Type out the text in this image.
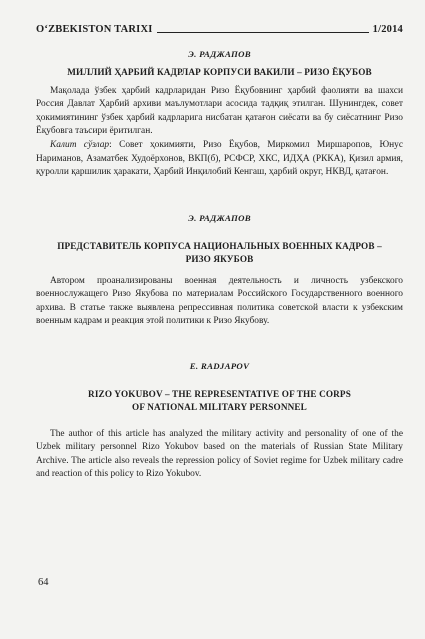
O‘ZBEKISTON TARIXI	1/2014
Э. РАДЖАПОВ
МИЛЛИЙ ҲАРБИЙ КАДРЛАР КОРПУСИ ВАКИЛИ – РИЗО ЁҚУБОВ
Мақолада ўзбек ҳарбий кадрларидан Ризо Ёқубовнинг ҳарбий фаолияти ва шахси Россия Давлат Ҳарбий архиви маълумотлари асосида тадқиқ этилган. Шунингдек, совет ҳокимиятининг ўзбек ҳарбий кадрларига нисбатан қатағон сиёсати ва бу сиёсатнинг Ризо Ёқубовга таъсири ёритилган.
Калит сўзлар: Совет ҳокимияти, Ризо Ёқубов, Миркомил Миршаропов, Юнус Нариманов, Азаматбек Худоёрхонов, ВКП(б), РСФСР, ХКС, ИДҲА (РККА), Қизил армия, қуролли қаршилик ҳаракати, Ҳарбий Инқилобий Кенгаш, ҳарбий округ, НКВД, қатағон.
Э. РАДЖАПОВ
ПРЕДСТАВИТЕЛЬ КОРПУСА НАЦИОНАЛЬНЫХ ВОЕННЫХ КАДРОВ –
РИЗО ЯКУБОВ
Автором проанализированы военная деятельность и личность узбекского военнослужащего Ризо Якубова по материалам Российского Государственного военного архива. В статье также выявлена репрессивная политика советской власти к узбекским военным кадрам и реакция этой политики к Ризо Якубову.
E. RADJAPOV
RIZO YOKUBOV – THE REPRESENTATIVE OF THE CORPS
OF NATIONAL MILITARY PERSONNEL
The author of this article has analyzed the military activity and personality of one of the Uzbek military personnel Rizo Yokubov based on the materials of Russian State Military Archive. The article also reveals the repression policy of Soviet regime for Uzbek military cadre and reaction of this policy to Rizo Yokubov.
64
